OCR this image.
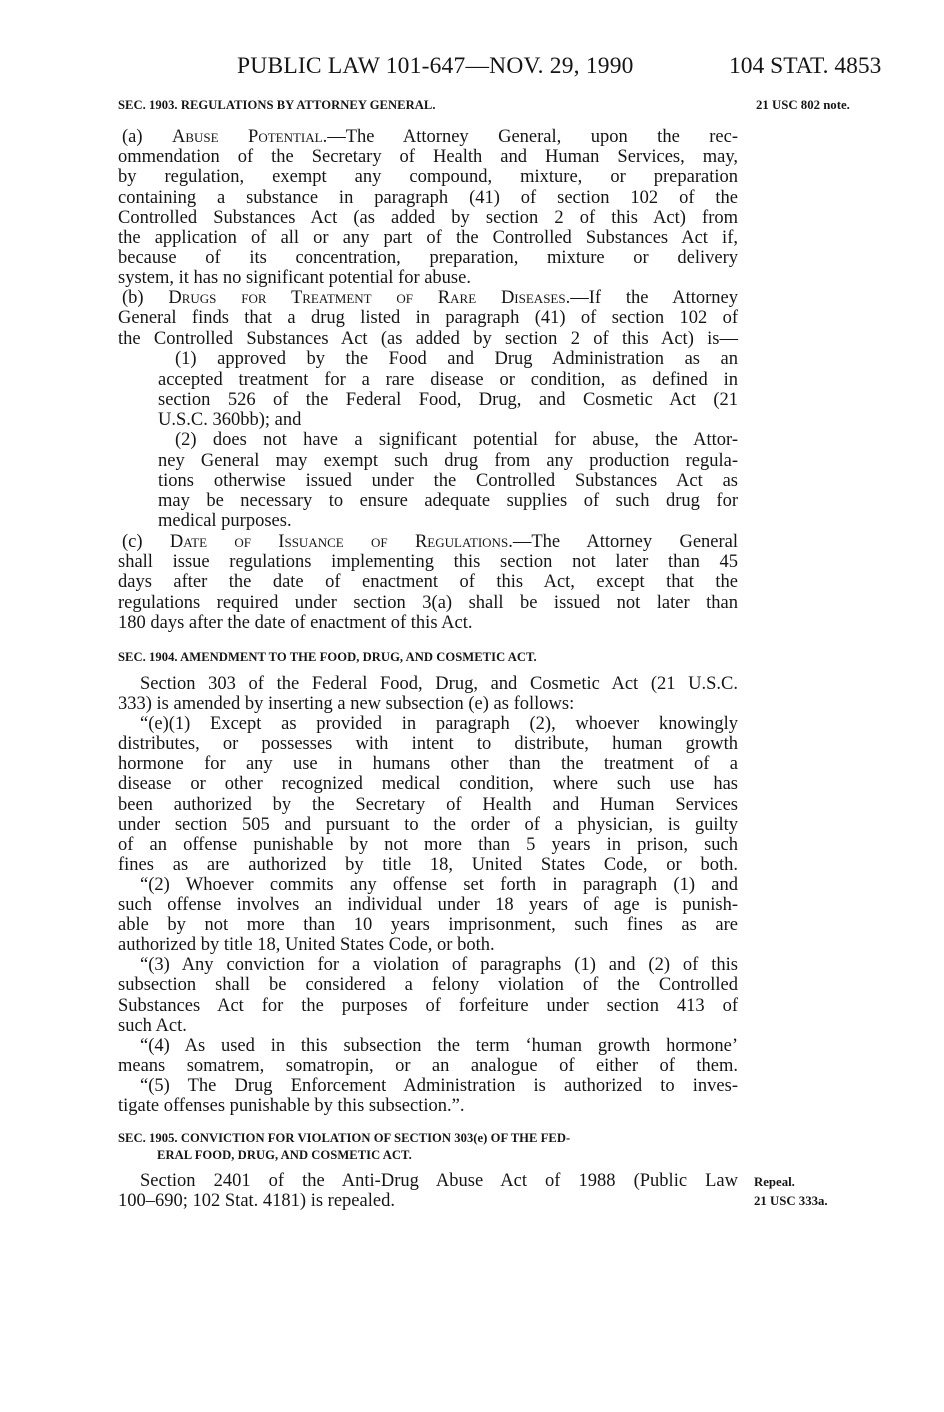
PUBLIC LAW 101-647—NOV. 29, 1990	104 STAT. 4853
SEC. 1903. REGULATIONS BY ATTORNEY GENERAL.	21 USC 802 note.
(a) Abuse Potential.—The Attorney General, upon the rec-
ommendation of the Secretary of Health and Human Services, may,
by regulation, exempt any compound, mixture, or preparation
containing a substance in paragraph (41) of section 102 of the
Controlled Substances Act (as added by section 2 of this Act) from
the application of all or any part of the Controlled Substances Act if,
because of its concentration, preparation, mixture or delivery
system, it has no significant potential for abuse.
(b) Drugs for Treatment of Rare Diseases.—If the Attorney
General finds that a drug listed in paragraph (41) of section 102 of
the Controlled Substances Act (as added by section 2 of this Act) is—
(1) approved by the Food and Drug Administration as an
accepted treatment for a rare disease or condition, as defined in
section 526 of the Federal Food, Drug, and Cosmetic Act (21
U.S.C. 360bb); and
(2) does not have a significant potential for abuse, the Attor-
ney General may exempt such drug from any production regula-
tions otherwise issued under the Controlled Substances Act as
may be necessary to ensure adequate supplies of such drug for
medical purposes.
(c) Date of Issuance of Regulations.—The Attorney General
shall issue regulations implementing this section not later than 45
days after the date of enactment of this Act, except that the
regulations required under section 3(a) shall be issued not later than
180 days after the date of enactment of this Act.
SEC. 1904. AMENDMENT TO THE FOOD, DRUG, AND COSMETIC ACT.
Section 303 of the Federal Food, Drug, and Cosmetic Act (21 U.S.C.
333) is amended by inserting a new subsection (e) as follows:
“(e)(1) Except as provided in paragraph (2), whoever knowingly
distributes, or possesses with intent to distribute, human growth
hormone for any use in humans other than the treatment of a
disease or other recognized medical condition, where such use has
been authorized by the Secretary of Health and Human Services
under section 505 and pursuant to the order of a physician, is guilty
of an offense punishable by not more than 5 years in prison, such
fines as are authorized by title 18, United States Code, or both.
“(2) Whoever commits any offense set forth in paragraph (1) and
such offense involves an individual under 18 years of age is punish-
able by not more than 10 years imprisonment, such fines as are
authorized by title 18, United States Code, or both.
“(3) Any conviction for a violation of paragraphs (1) and (2) of this
subsection shall be considered a felony violation of the Controlled
Substances Act for the purposes of forfeiture under section 413 of
such Act.
“(4) As used in this subsection the term ‘human growth hormone’
means somatrem, somatropin, or an analogue of either of them.
“(5) The Drug Enforcement Administration is authorized to inves-
tigate offenses punishable by this subsection.”.
SEC. 1905. CONVICTION FOR VIOLATION OF SECTION 303(e) OF THE FED-
ERAL FOOD, DRUG, AND COSMETIC ACT.
Section 2401 of the Anti-Drug Abuse Act of 1988 (Public Law
100–690; 102 Stat. 4181) is repealed.
Repeal.
21 USC 333a.
